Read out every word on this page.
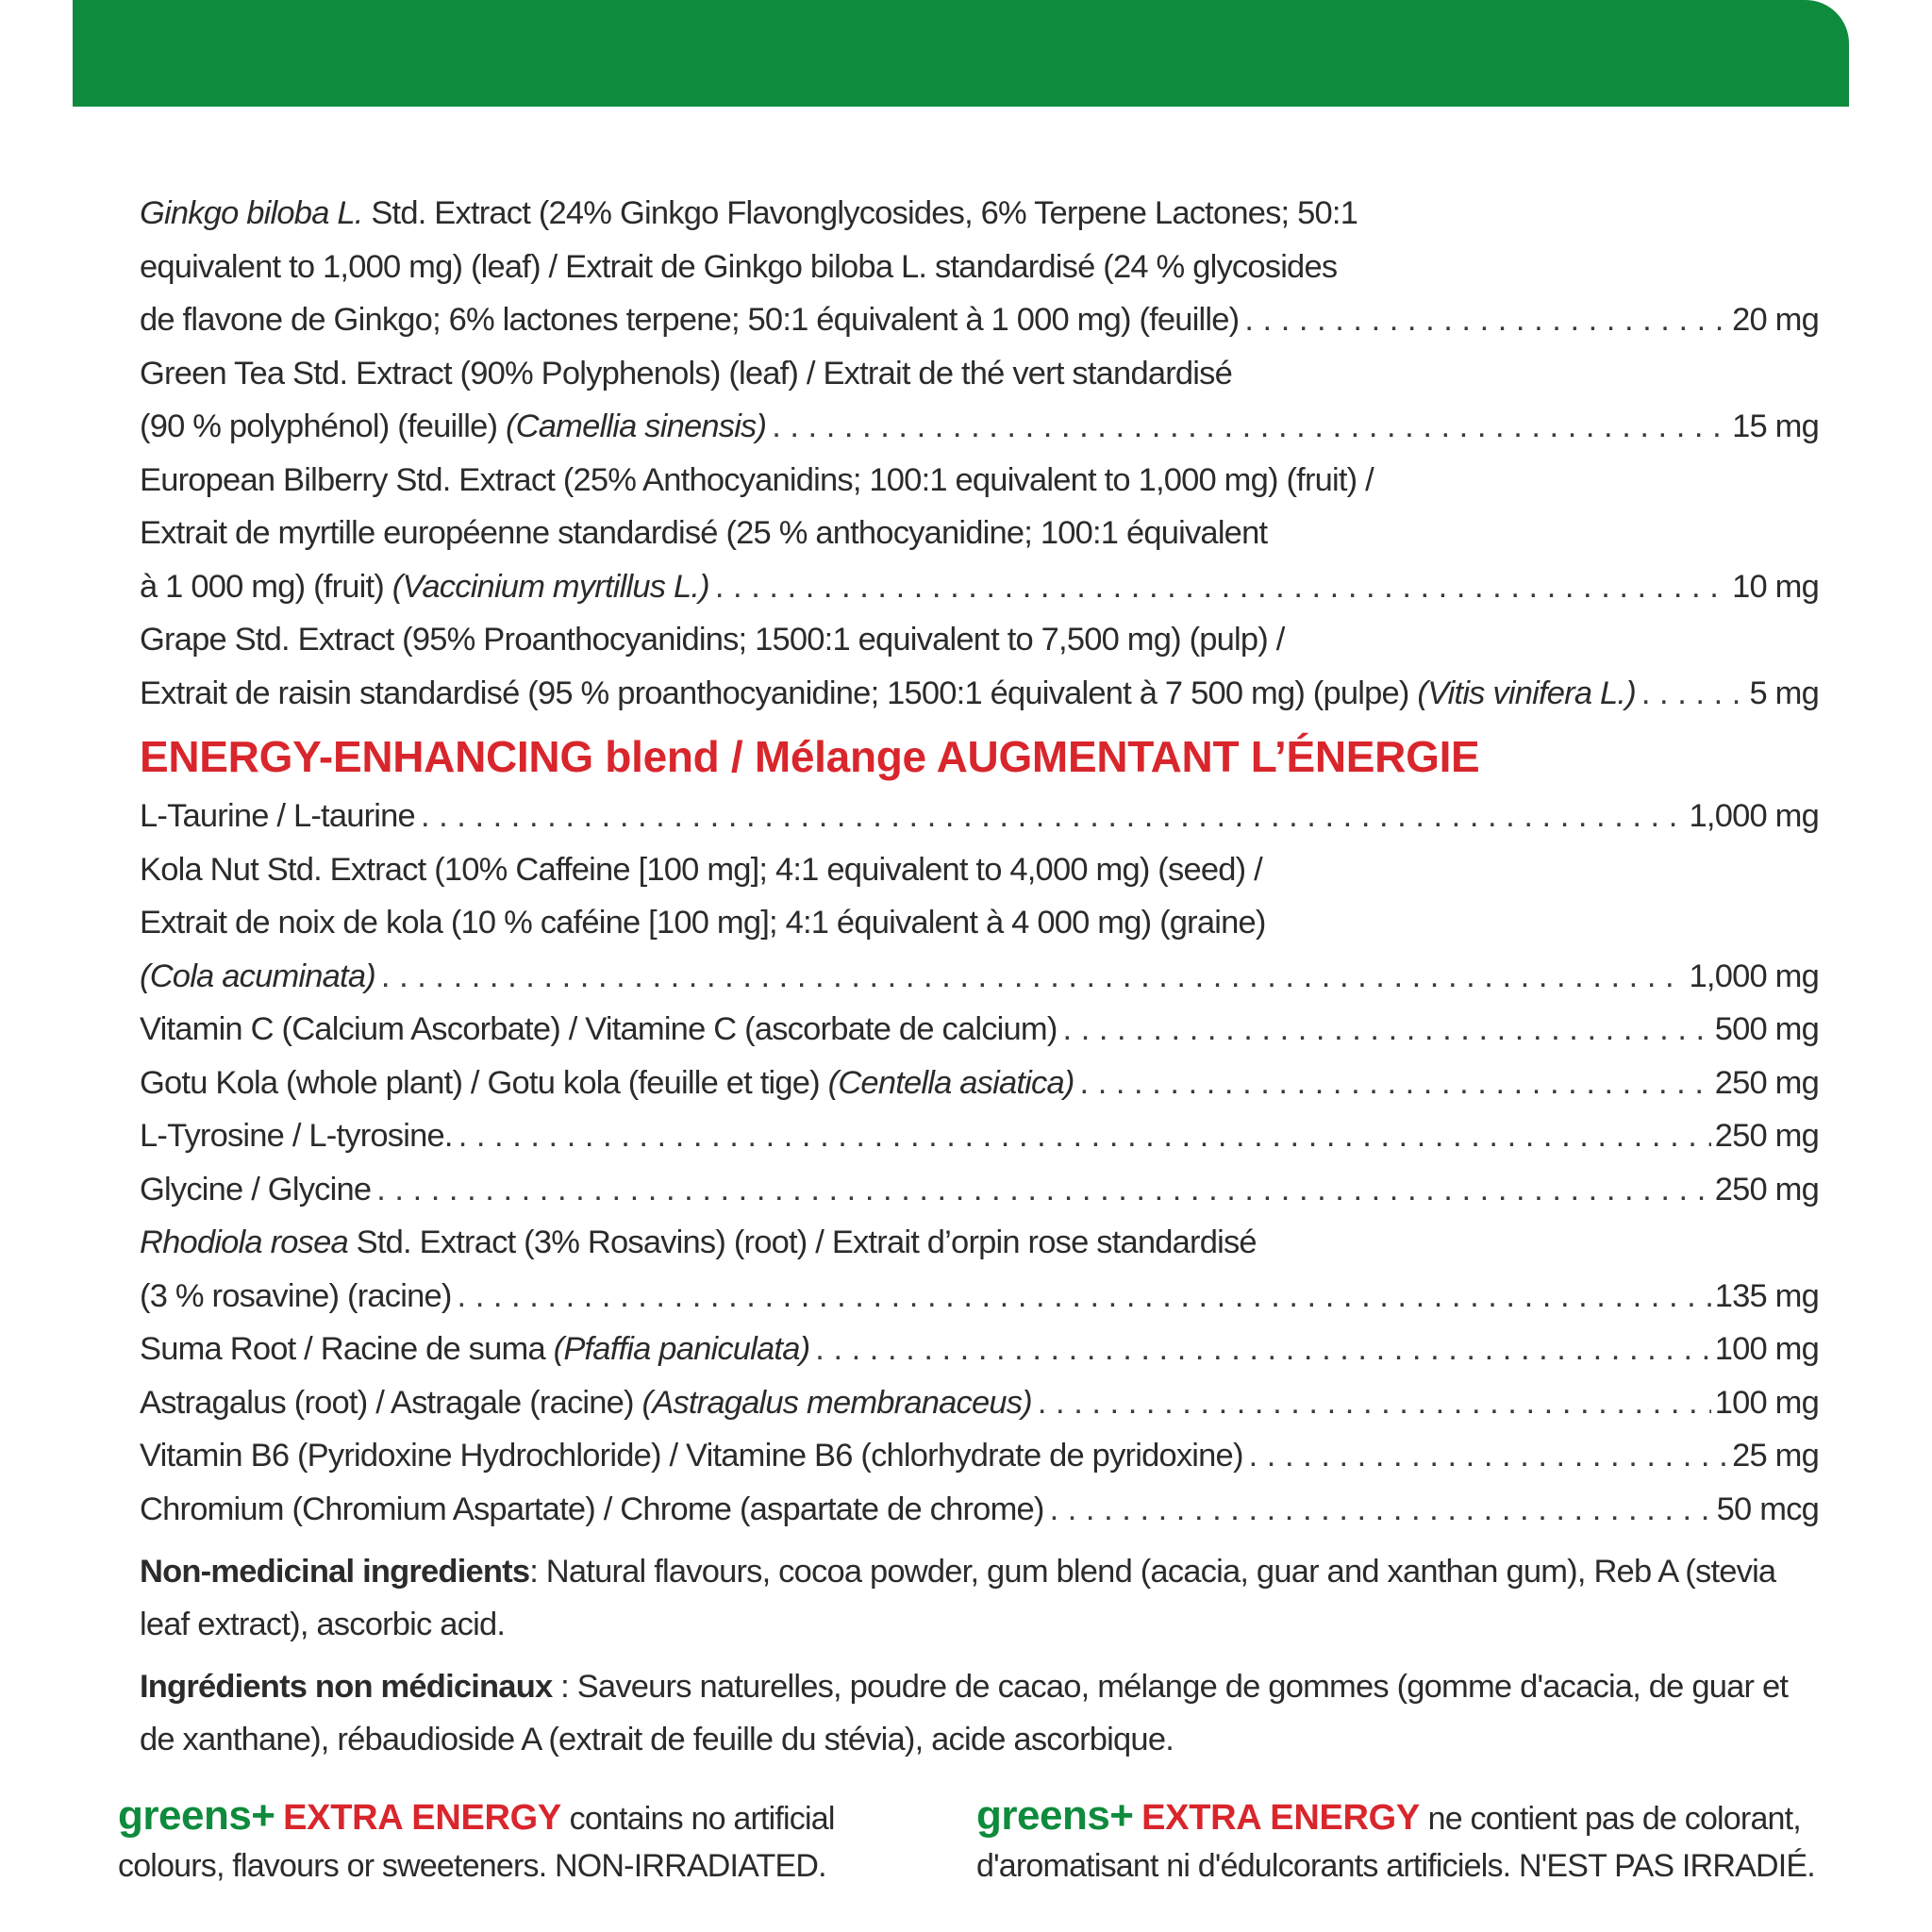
Ginkgo biloba L. Std. Extract (24% Ginkgo Flavonglycosides, 6% Terpene Lactones; 50:1
equivalent to 1,000 mg) (leaf) / Extrait de Ginkgo biloba L. standardisé (24 % glycosides
de flavone de Ginkgo; 6% lactones terpene; 50:1 équivalent à 1 000 mg) (feuille) . . .	20 mg
Green Tea Std. Extract (90% Polyphenols) (leaf) / Extrait de thé vert standardisé
(90 % polyphénol) (feuille) (Camellia sinensis) . . .	15 mg
European Bilberry Std. Extract (25% Anthocyanidins; 100:1 equivalent to 1,000 mg) (fruit) /
Extrait de myrtille européenne standardisé (25 % anthocyanidine; 100:1 équivalent
à 1 000 mg) (fruit) (Vaccinium myrtillus L.) . . .	10 mg
Grape Std. Extract (95% Proanthocyanidins; 1500:1 equivalent to 7,500 mg) (pulp) /
Extrait de raisin standardisé (95 % proanthocyanidine; 1500:1 équivalent à 7 500 mg) (pulpe) (Vitis vinifera L.) . . .	5 mg
ENERGY-ENHANCING blend / Mélange AUGMENTANT L’ÉNERGIE
L-Taurine / L-taurine . . .	1,000 mg
Kola Nut Std. Extract (10% Caffeine [100 mg]; 4:1 equivalent to 4,000 mg) (seed) /
Extrait de noix de kola (10 % caféine [100 mg]; 4:1 équivalent à 4 000 mg) (graine)
(Cola acuminata) . . .	1,000 mg
Vitamin C (Calcium Ascorbate) / Vitamine C (ascorbate de calcium) . . .	500 mg
Gotu Kola (whole plant) / Gotu kola (feuille et tige) (Centella asiatica) . . .	250 mg
L-Tyrosine / L-tyrosine. . . .	250 mg
Glycine / Glycine . . .	250 mg
Rhodiola rosea Std. Extract (3% Rosavins) (root) / Extrait d’orpin rose standardisé
(3 % rosavine) (racine) . . .	135 mg
Suma Root / Racine de suma (Pfaffia paniculata) . . .	100 mg
Astragalus (root) / Astragale (racine) (Astragalus membranaceus) . . .	100 mg
Vitamin B6 (Pyridoxine Hydrochloride) / Vitamine B6 (chlorhydrate de pyridoxine) . . .	25 mg
Chromium (Chromium Aspartate) / Chrome (aspartate de chrome) . . .	50 mcg
Non-medicinal ingredients: Natural flavours, cocoa powder, gum blend (acacia, guar and xanthan gum), Reb A (stevia leaf extract), ascorbic acid.
Ingrédients non médicinaux : Saveurs naturelles, poudre de cacao, mélange de gommes (gomme d'acacia, de guar et de xanthane), rébaudioside A (extrait de feuille du stévia), acide ascorbique.
greens+ EXTRA ENERGY contains no artificial colours, flavours or sweeteners. NON-IRRADIATED.
greens+ EXTRA ENERGY ne contient pas de colorant, d'aromatisant ni d'édulcorants artificiels. N'EST PAS IRRADIÉ.
